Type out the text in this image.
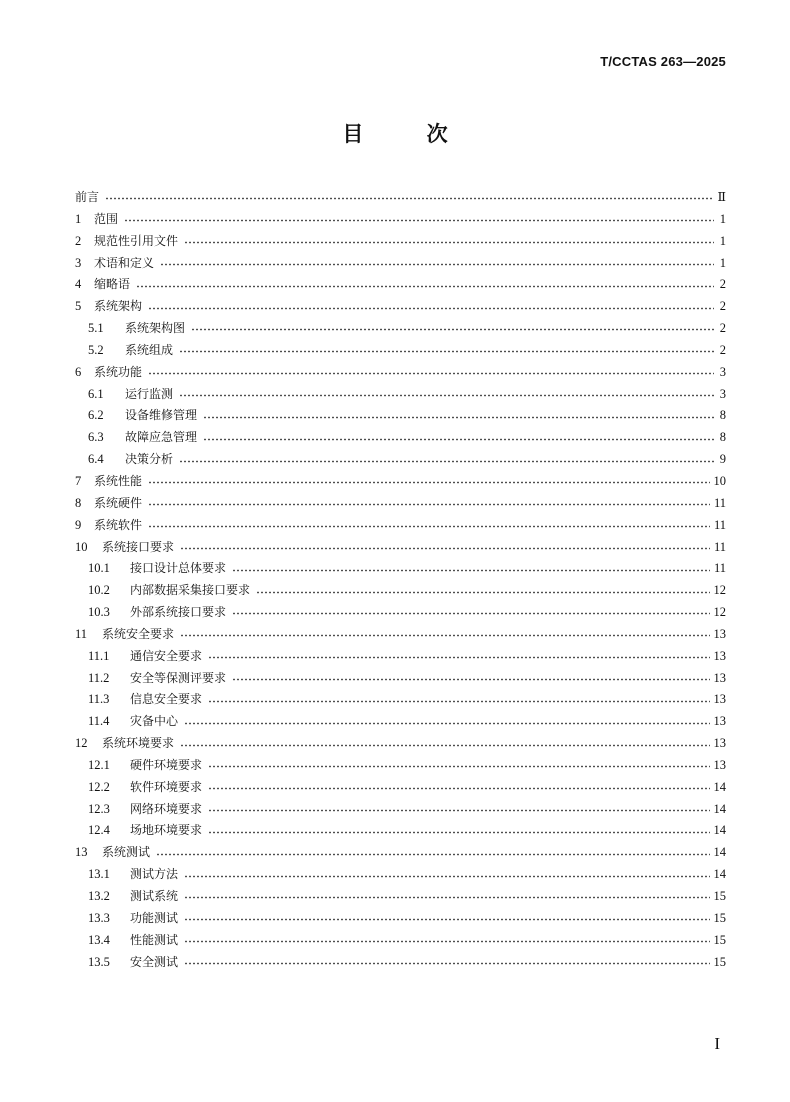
T/CCTAS 263—2025
目 次
前言	Ⅱ
1	范围	1
2	规范性引用文件	1
3	术语和定义	1
4	缩略语	2
5	系统架构	2
5.1	系统架构图	2
5.2	系统组成	2
6	系统功能	3
6.1	运行监测	3
6.2	设备维修管理	8
6.3	故障应急管理	8
6.4	决策分析	9
7	系统性能	10
8	系统硬件	11
9	系统软件	11
10	系统接口要求	11
10.1	接口设计总体要求	11
10.2	内部数据采集接口要求	12
10.3	外部系统接口要求	12
11	系统安全要求	13
11.1	通信安全要求	13
11.2	安全等保测评要求	13
11.3	信息安全要求	13
11.4	灾备中心	13
12	系统环境要求	13
12.1	硬件环境要求	13
12.2	软件环境要求	14
12.3	网络环境要求	14
12.4	场地环境要求	14
13	系统测试	14
13.1	测试方法	14
13.2	测试系统	15
13.3	功能测试	15
13.4	性能测试	15
13.5	安全测试	15
I
